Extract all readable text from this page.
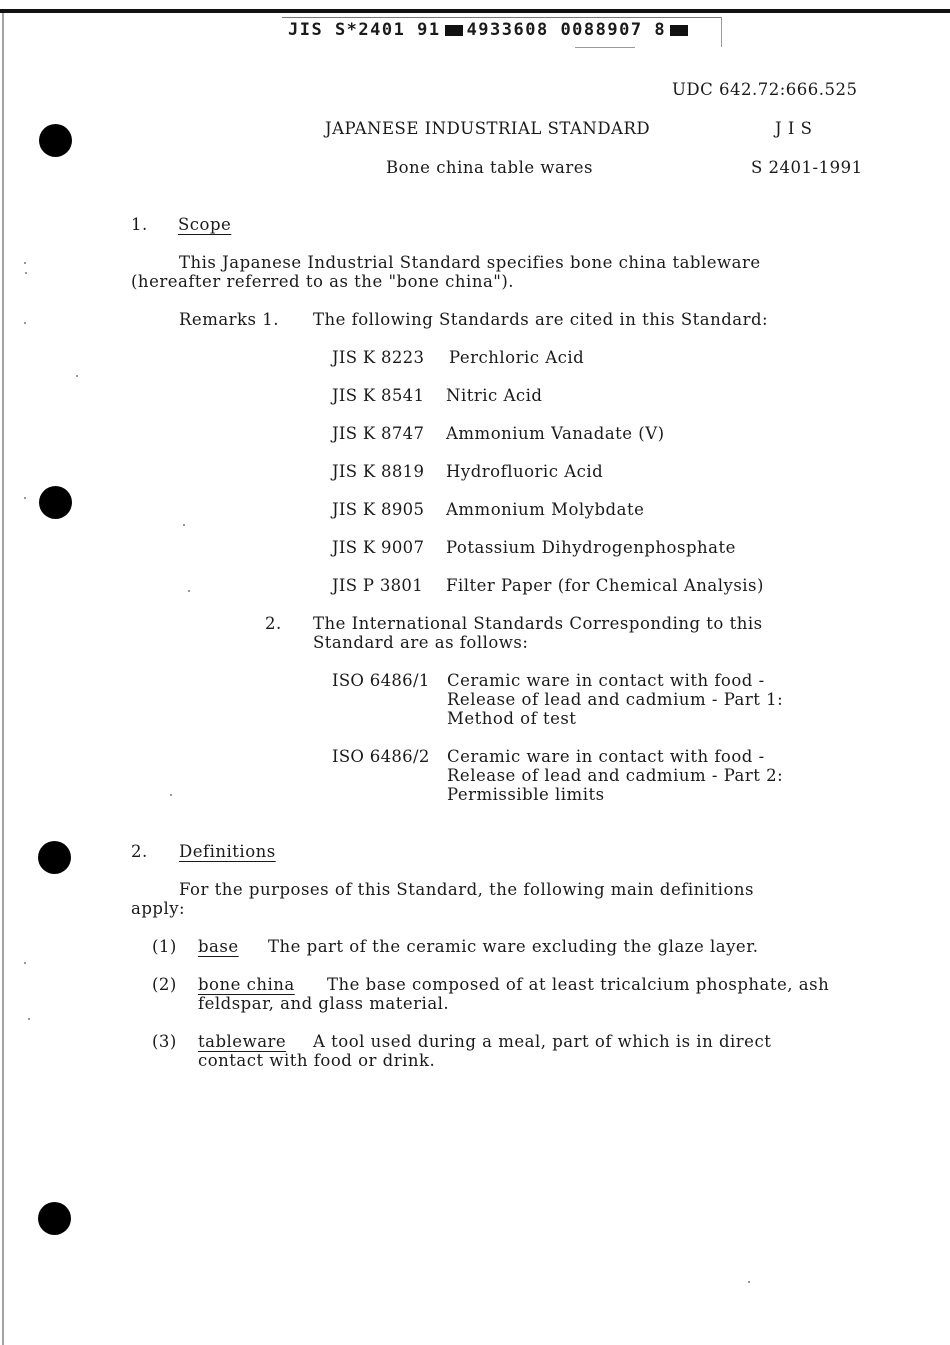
JIS S*2401 91 4933608 0088907 8
UDC 642.72:666.525
JAPANESE INDUSTRIAL STANDARD	J I S
Bone china table wares	S 2401-1991
1. Scope
This Japanese Industrial Standard specifies bone china tableware
(hereafter referred to as the "bone china").
Remarks 1. The following Standards are cited in this Standard:
JIS K 8223 Perchloric Acid
JIS K 8541 Nitric Acid
JIS K 8747 Ammonium Vanadate (V)
JIS K 8819 Hydrofluoric Acid
JIS K 8905 Ammonium Molybdate
JIS K 9007 Potassium Dihydrogenphosphate
JIS P 3801 Filter Paper (for Chemical Analysis)
2. The International Standards Corresponding to this
Standard are as follows:
ISO 6486/1 Ceramic ware in contact with food -
Release of lead and cadmium - Part 1:
Method of test
ISO 6486/2 Ceramic ware in contact with food -
Release of lead and cadmium - Part 2:
Permissible limits
2. Definitions
For the purposes of this Standard, the following main definitions
apply:
(1) base The part of the ceramic ware excluding the glaze layer.
(2) bone china The base composed of at least tricalcium phosphate, ash
feldspar, and glass material.
(3) tableware A tool used during a meal, part of which is in direct
contact with food or drink.
